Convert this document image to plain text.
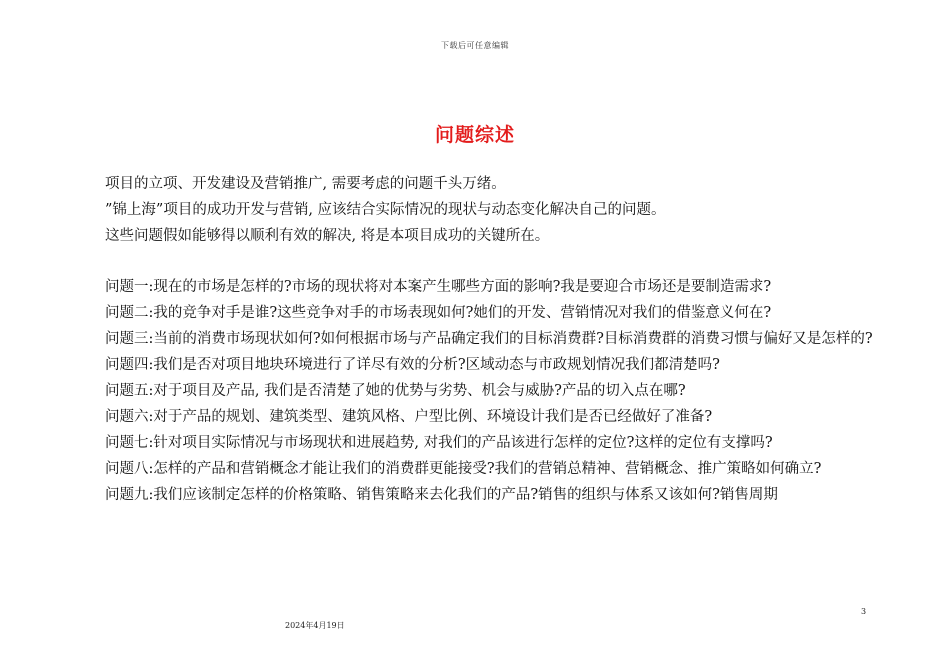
下载后可任意编辑
问题综述

项目的立项、开发建设及营销推广, 需要考虑的问题千头万绪。

”锦上海”项目的成功开发与营销, 应该结合实际情况的现状与动态变化解决自己的问题。

这些问题假如能够得以顺利有效的解决, 将是本项目成功的关键所在。

问题一:现在的市场是怎样的?市场的现状将对本案产生哪些方面的影响?我是要迎合市场还是要制造需求?

问题二:我的竞争对手是谁?这些竞争对手的市场表现如何?她们的开发、营销情况对我们的借鉴意义何在?

问题三:当前的消费市场现状如何?如何根据市场与产品确定我们的目标消费群?目标消费群的消费习惯与偏好又是怎样的?

问题四:我们是否对项目地块环境进行了详尽有效的分析?区域动态与市政规划情况我们都清楚吗?

问题五:对于项目及产品, 我们是否清楚了她的优势与劣势、机会与威胁?产品的切入点在哪?

问题六:对于产品的规划、建筑类型、建筑风格、户型比例、环境设计我们是否已经做好了准备?

问题七:针对项目实际情况与市场现状和进展趋势, 对我们的产品该进行怎样的定位?这样的定位有支撑吗?

问题八:怎样的产品和营销概念才能让我们的消费群更能接受?我们的营销总精神、营销概念、推广策略如何确立?

问题九:我们应该制定怎样的价格策略、销售策略来去化我们的产品?销售的组织与体系又该如何?销售周期

3
2024年4月19日
